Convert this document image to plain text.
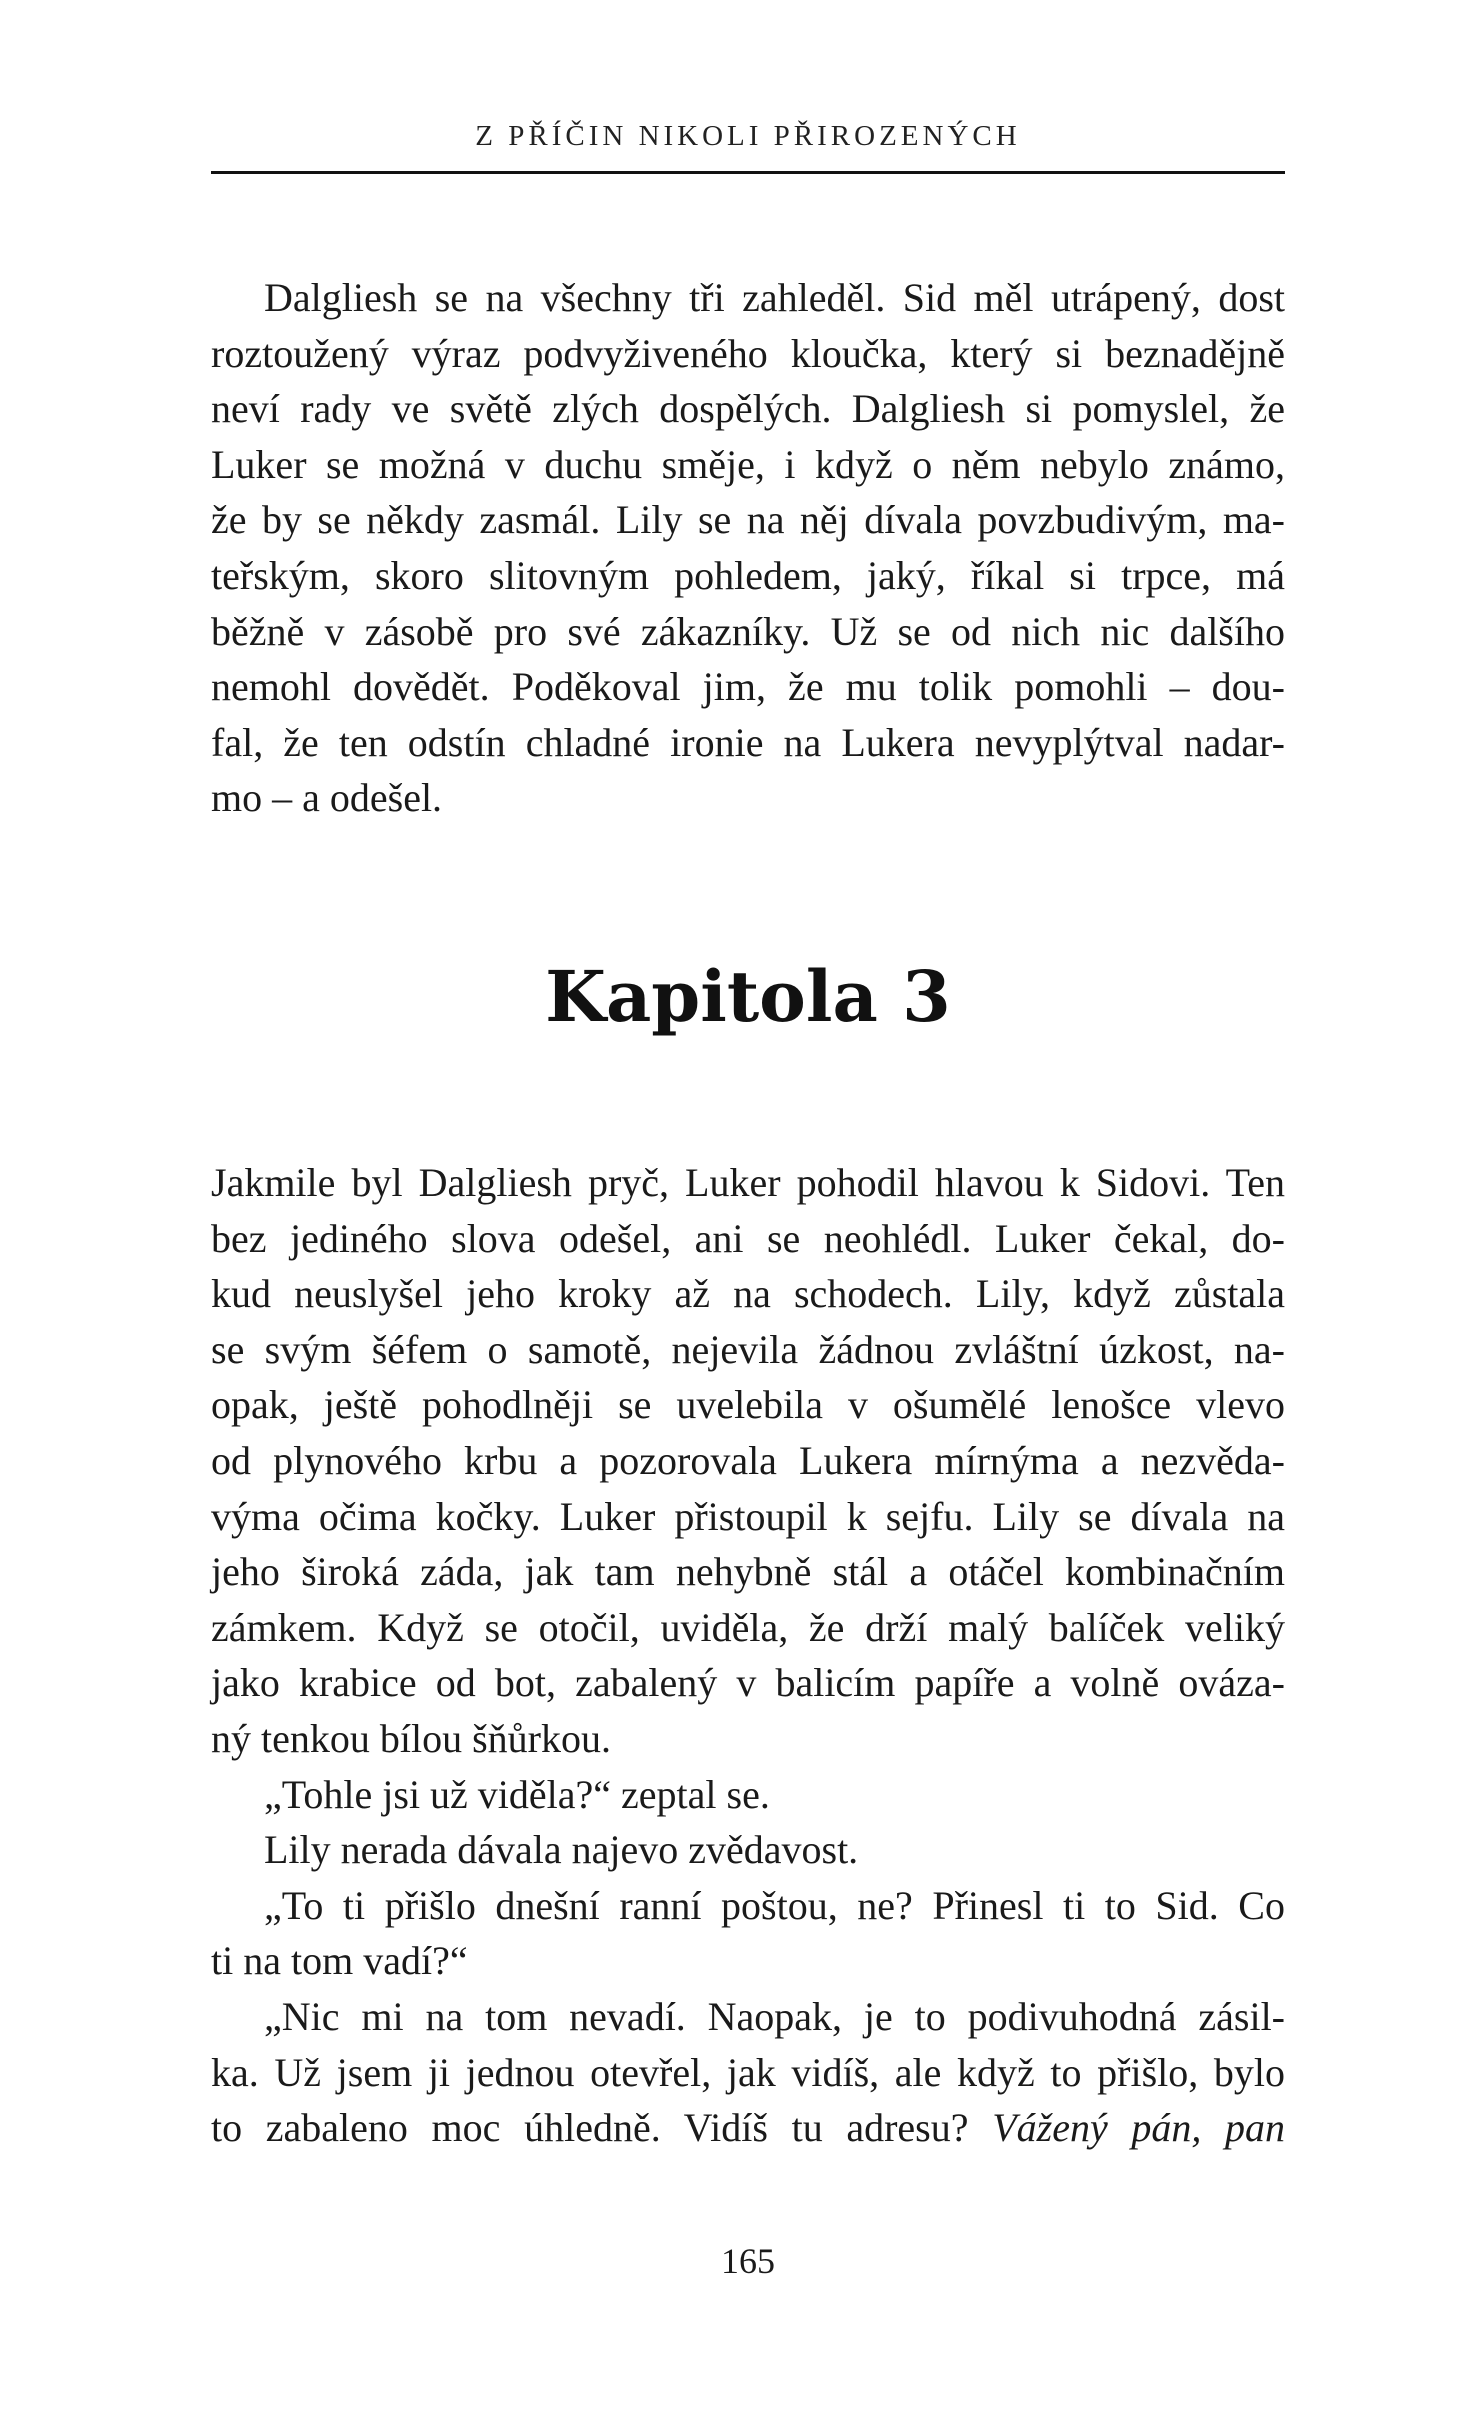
Z PŘÍČIN NIKOLI PŘIROZENÝCH
Dalgliesh se na všechny tři zahleděl. Sid měl utrápený, dost
roztoužený výraz podvyživeného kloučka, který si beznadějně
neví rady ve světě zlých dospělých. Dalgliesh si pomyslel, že
Luker se možná v duchu směje, i když o něm nebylo známo,
že by se někdy zasmál. Lily se na něj dívala povzbudivým, ma-
teřským, skoro slitovným pohledem, jaký, říkal si trpce, má
běžně v zásobě pro své zákazníky. Už se od nich nic dalšího
nemohl dovědět. Poděkoval jim, že mu tolik pomohli – dou-
fal, že ten odstín chladné ironie na Lukera nevyplýtval nadar-
mo – a odešel.
Kapitola 3
Jakmile byl Dalgliesh pryč, Luker pohodil hlavou k Sidovi. Ten
bez jediného slova odešel, ani se neohlédl. Luker čekal, do-
kud neuslyšel jeho kroky až na schodech. Lily, když zůstala
se svým šéfem o samotě, nejevila žádnou zvláštní úzkost, na-
opak, ještě pohodlněji se uvelebila v ošumělé lenošce vlevo
od plynového krbu a pozorovala Lukera mírnýma a nezvěda-
výma očima kočky. Luker přistoupil k sejfu. Lily se dívala na
jeho široká záda, jak tam nehybně stál a otáčel kombinačním
zámkem. Když se otočil, uviděla, že drží malý balíček veliký
jako krabice od bot, zabalený v balicím papíře a volně ováza-
ný tenkou bílou šňůrkou.
„Tohle jsi už viděla?“ zeptal se.
Lily nerada dávala najevo zvědavost.
„To ti přišlo dnešní ranní poštou, ne? Přinesl ti to Sid. Co
ti na tom vadí?“
„Nic mi na tom nevadí. Naopak, je to podivuhodná zásil-
ka. Už jsem ji jednou otevřel, jak vidíš, ale když to přišlo, bylo
to zabaleno moc úhledně. Vidíš tu adresu? Vážený pán, pan
165
